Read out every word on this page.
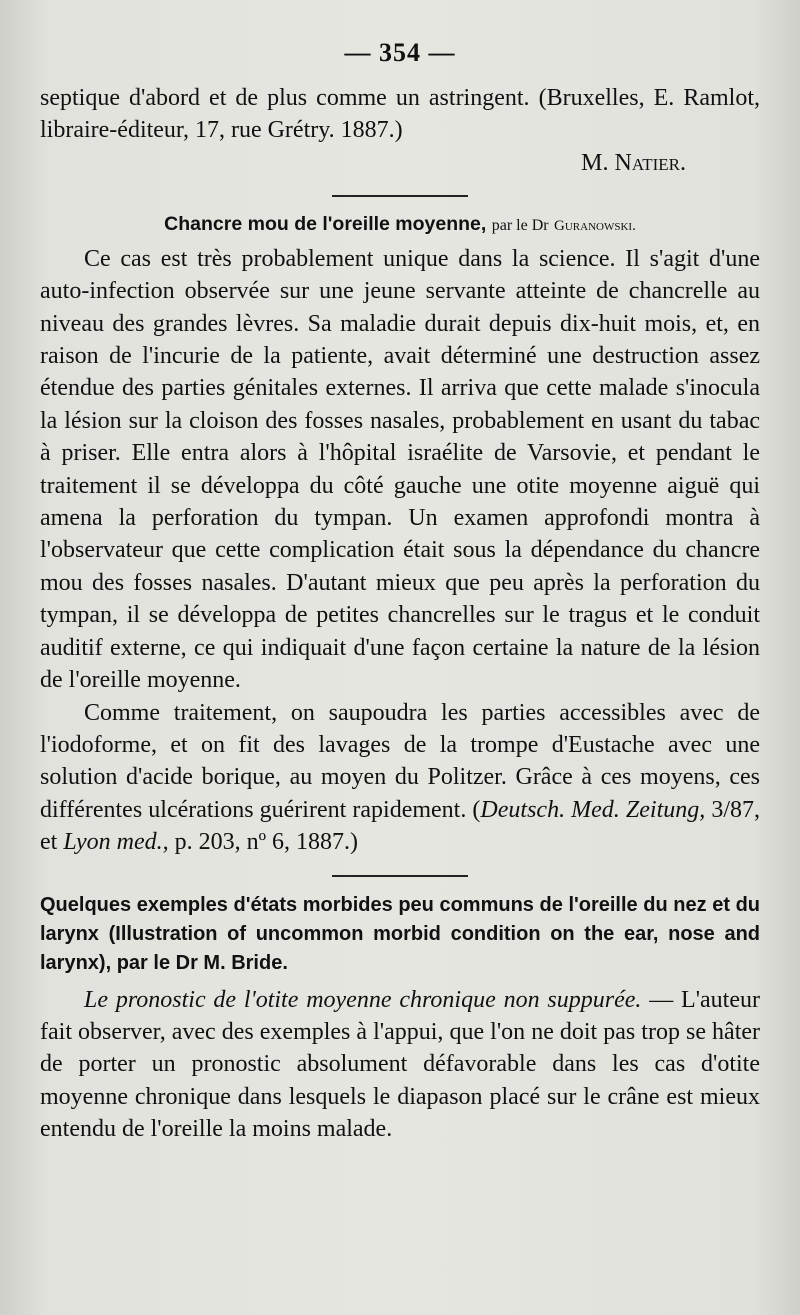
— 354 —

septique d'abord et de plus comme un astringent. (Bruxelles, E. Ramlot, libraire-éditeur, 17, rue Grétry. 1887.)

M. Natier.
Chancre mou de l'oreille moyenne, par le Dr Guranowski.

Ce cas est très probablement unique dans la science. Il s'agit d'une auto-infection observée sur une jeune servante atteinte de chancrelle au niveau des grandes lèvres. Sa maladie durait depuis dix-huit mois, et, en raison de l'incurie de la patiente, avait déterminé une destruction assez étendue des parties génitales externes. Il arriva que cette malade s'inocula la lésion sur la cloison des fosses nasales, probablement en usant du tabac à priser. Elle entra alors à l'hôpital israélite de Varsovie, et pendant le traitement il se développa du côté gauche une otite moyenne aiguë qui amena la perforation du tympan. Un examen approfondi montra à l'observateur que cette complication était sous la dépendance du chancre mou des fosses nasales. D'autant mieux que peu après la perforation du tympan, il se développa de petites chancrelles sur le tragus et le conduit auditif externe, ce qui indiquait d'une façon certaine la nature de la lésion de l'oreille moyenne.

Comme traitement, on saupoudra les parties accessibles avec de l'iodoforme, et on fit des lavages de la trompe d'Eustache avec une solution d'acide borique, au moyen du Politzer. Grâce à ces moyens, ces différentes ulcérations guérirent rapidement. (Deutsch. Med. Zeitung, 3/87, et Lyon med., p. 203, nº 6, 1887.)

Quelques exemples d'états morbides peu communs de l'oreille du nez et du larynx (Illustration of uncommon morbid condition on the ear, nose and larynx), par le Dr M. Bride.

Le pronostic de l'otite moyenne chronique non suppurée. — L'auteur fait observer, avec des exemples à l'appui, que l'on ne doit pas trop se hâter de porter un pronostic absolument défavorable dans les cas d'otite moyenne chronique dans lesquels le diapason placé sur le crâne est mieux entendu de l'oreille la moins malade.
